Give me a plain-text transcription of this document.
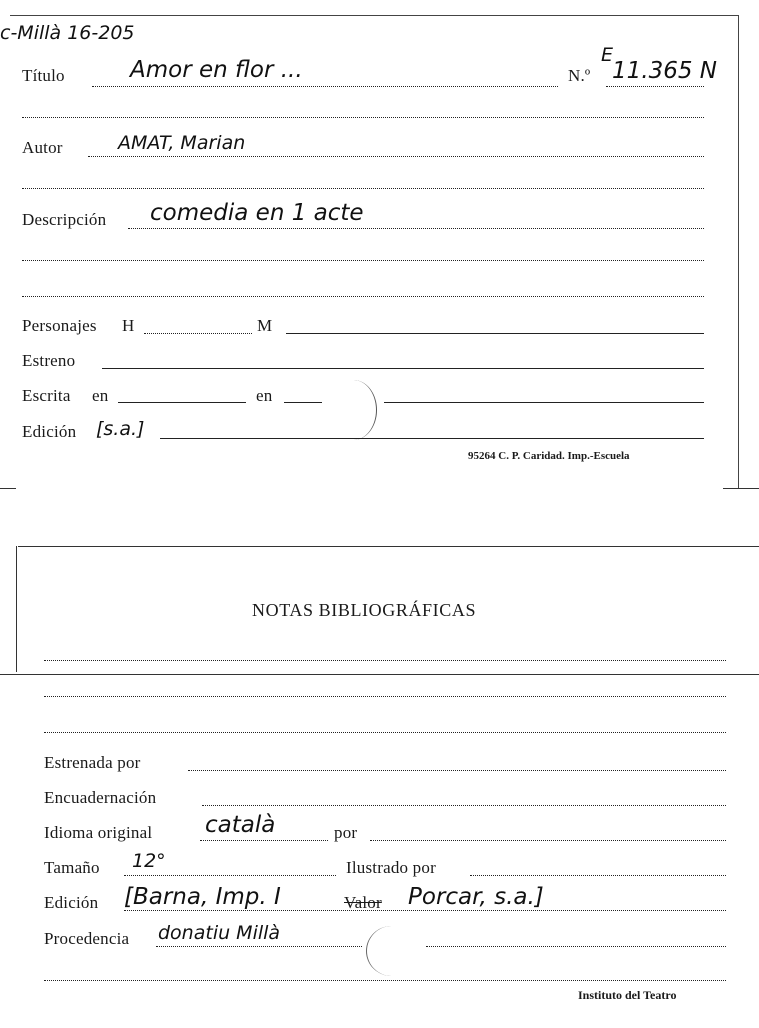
c-Millà 16-205
Título	Amor en flor ...	N.º
E
11.365 N
Autor	AMAT, Marian
Descripción comedia en 1 acte
Personajes H	M
Estreno
Escrita en	en
Edición [s.a.]
95264 C. P. Caridad. Imp.-Escuela
NOTAS BIBLIOGRÁFICAS
Estrenada por
Encuadernación
Idioma original català	por
Tamaño 12°	Ilustrado por
Edición [Barna, Imp. I	Valor Porcar, s.a.]
Procedencia donatiu Millà
Instituto del Teatro
